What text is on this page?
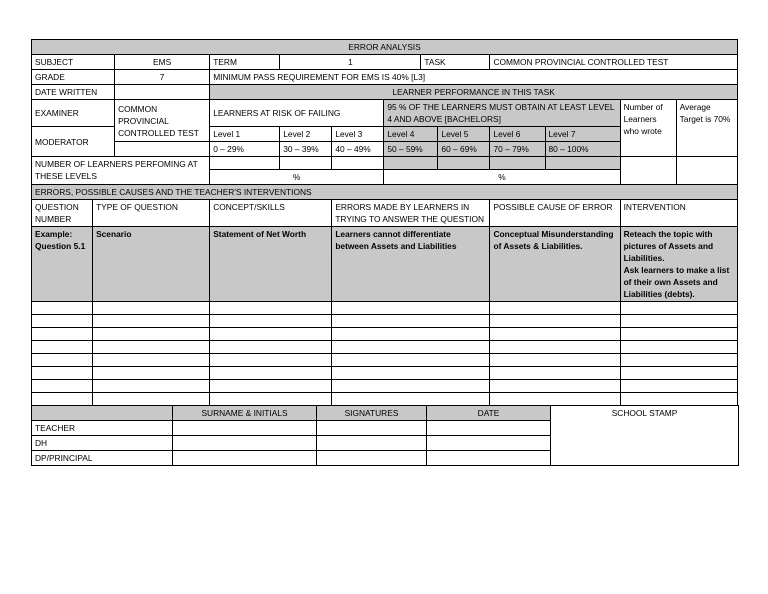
ERROR ANALYSIS												
SUBJECT		EMS	TERM	1			TASK		COMMON PROVINCIAL CONTROLLED TEST			
GRADE		7	MINIMUM PASS REQUIREMENT FOR EMS IS 40% [L3]									
DATE WRITTEN			LEARNER PERFORMANCE IN THIS TASK									
EXAMINER		COMMON PROVINCIAL CONTROLLED TEST	LEARNERS AT RISK OF FAILING			95 % OF THE LEARNERS MUST OBTAIN AT LEAST LEVEL 4 AND ABOVE [BACHELORS]					Number of Learners who wrote	Average Target is 70%
MODERATOR			Level 1	Level 2	Level 3	Level 4		Level 5	Level 6	Level 7		
			0 – 29%	30 – 39%	40 – 49%	50 – 59%		60 – 69%	70 – 79%	80 – 100%		
NUMBER OF LEARNERS PERFOMING AT THESE LEVELS												
			%			%						
ERRORS, POSSIBLE CAUSES AND THE TEACHER'S INTERVENTIONS												
QUESTION NUMBER	TYPE OF QUESTION		CONCEPT/SKILLS		ERRORS MADE BY LEARNERS IN TRYING TO ANSWER THE QUESTION				POSSIBLE CAUSE OF ERROR		INTERVENTION	
Example: Question 5.1	Scenario		Statement of Net Worth		Learners cannot differentiate between Assets and Liabilities				Conceptual Misunderstanding of Assets & Liabilities.		Reteach the topic with pictures of Assets and Liabilities.
Ask learners to make a list of their own Assets and Liabilities (debts).	

	SURNAME & INITIALS	SIGNATURES	DATE	SCHOOL STAMP
TEACHER				
DH				
DP/PRINCIPAL				
